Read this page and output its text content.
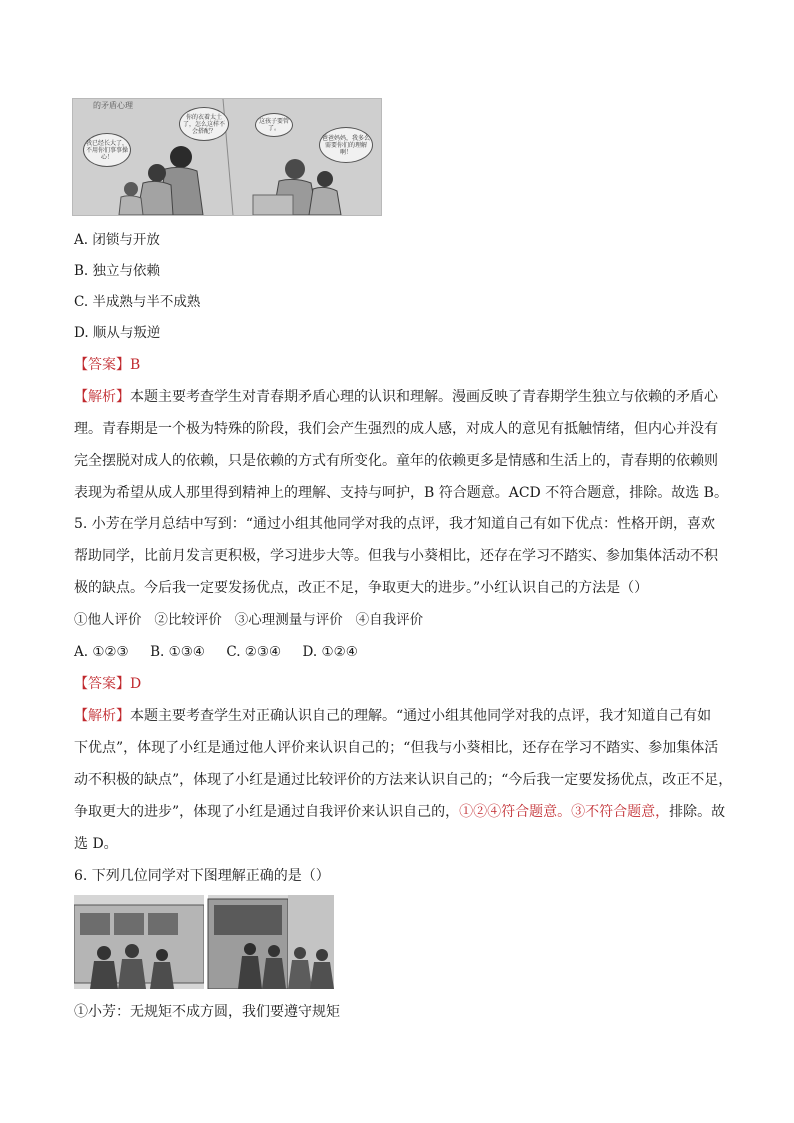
的矛盾心理
我已经长大了，不用你们事事操心！
你的衣着太土了，怎么这样不会搭配？
这孩子要管了。
爸爸妈妈，我多么需要你们的理解啊！
A. 闭锁与开放
B. 独立与依赖
C. 半成熟与半不成熟
D. 顺从与叛逆
【答案】B
【解析】本题主要考查学生对青春期矛盾心理的认识和理解。漫画反映了青春期学生独立与依赖的矛盾心
理。青春期是一个极为特殊的阶段，我们会产生强烈的成人感，对成人的意见有抵触情绪，但内心并没有
完全摆脱对成人的依赖，只是依赖的方式有所变化。童年的依赖更多是情感和生活上的，青春期的依赖则
表现为希望从成人那里得到精神上的理解、支持与呵护，B 符合题意。ACD 不符合题意，排除。故选 B。
5. 小芳在学月总结中写到：“通过小组其他同学对我的点评，我才知道自己有如下优点：性格开朗，喜欢
帮助同学，比前月发言更积极，学习进步大等。但我与小葵相比，还存在学习不踏实、参加集体活动不积
极的缺点。今后我一定要发扬优点，改正不足，争取更大的进步。”小红认识自己的方法是（）
①他人评价   ②比较评价   ③心理测量与评价   ④自我评价
A. ①②③     B. ①③④     C. ②③④     D. ①②④
【答案】D
【解析】本题主要考查学生对正确认识自己的理解。“通过小组其他同学对我的点评，我才知道自己有如
下优点”，体现了小红是通过他人评价来认识自己的；“但我与小葵相比，还存在学习不踏实、参加集体活
动不积极的缺点”，体现了小红是通过比较评价的方法来认识自己的；“今后我一定要发扬优点，改正不足，
争取更大的进步”，体现了小红是通过自我评价来认识自己的，①②④符合题意。③不符合题意，排除。故
选 D。
6. 下列几位同学对下图理解正确的是（）
①小芳：无规矩不成方圆，我们要遵守规矩
